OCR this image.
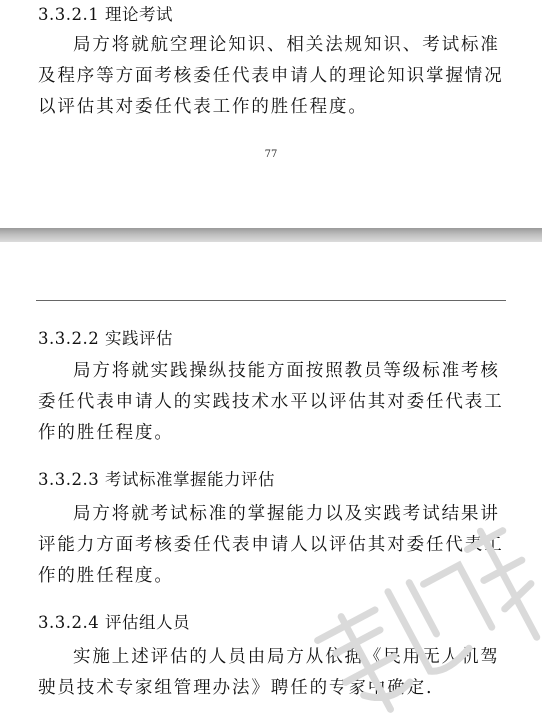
3.3.2.1 理论考试

局方将就航空理论知识、相关法规知识、考试标准及程序等方面考核委任代表申请人的理论知识掌握情况以评估其对委任代表工作的胜任程度。

77
3.3.2.2 实践评估

局方将就实践操纵技能方面按照教员等级标准考核委任代表申请人的实践技术水平以评估其对委任代表工作的胜任程度。

3.3.2.3 考试标准掌握能力评估

局方将就考试标准的掌握能力以及实践考试结果讲评能力方面考核委任代表申请人以评估其对委任代表工作的胜任程度。

3.3.2.4 评估组人员

实施上述评估的人员由局方从依据《民用无人机驾驶员技术专家组管理办法》聘任的专家中确定.
